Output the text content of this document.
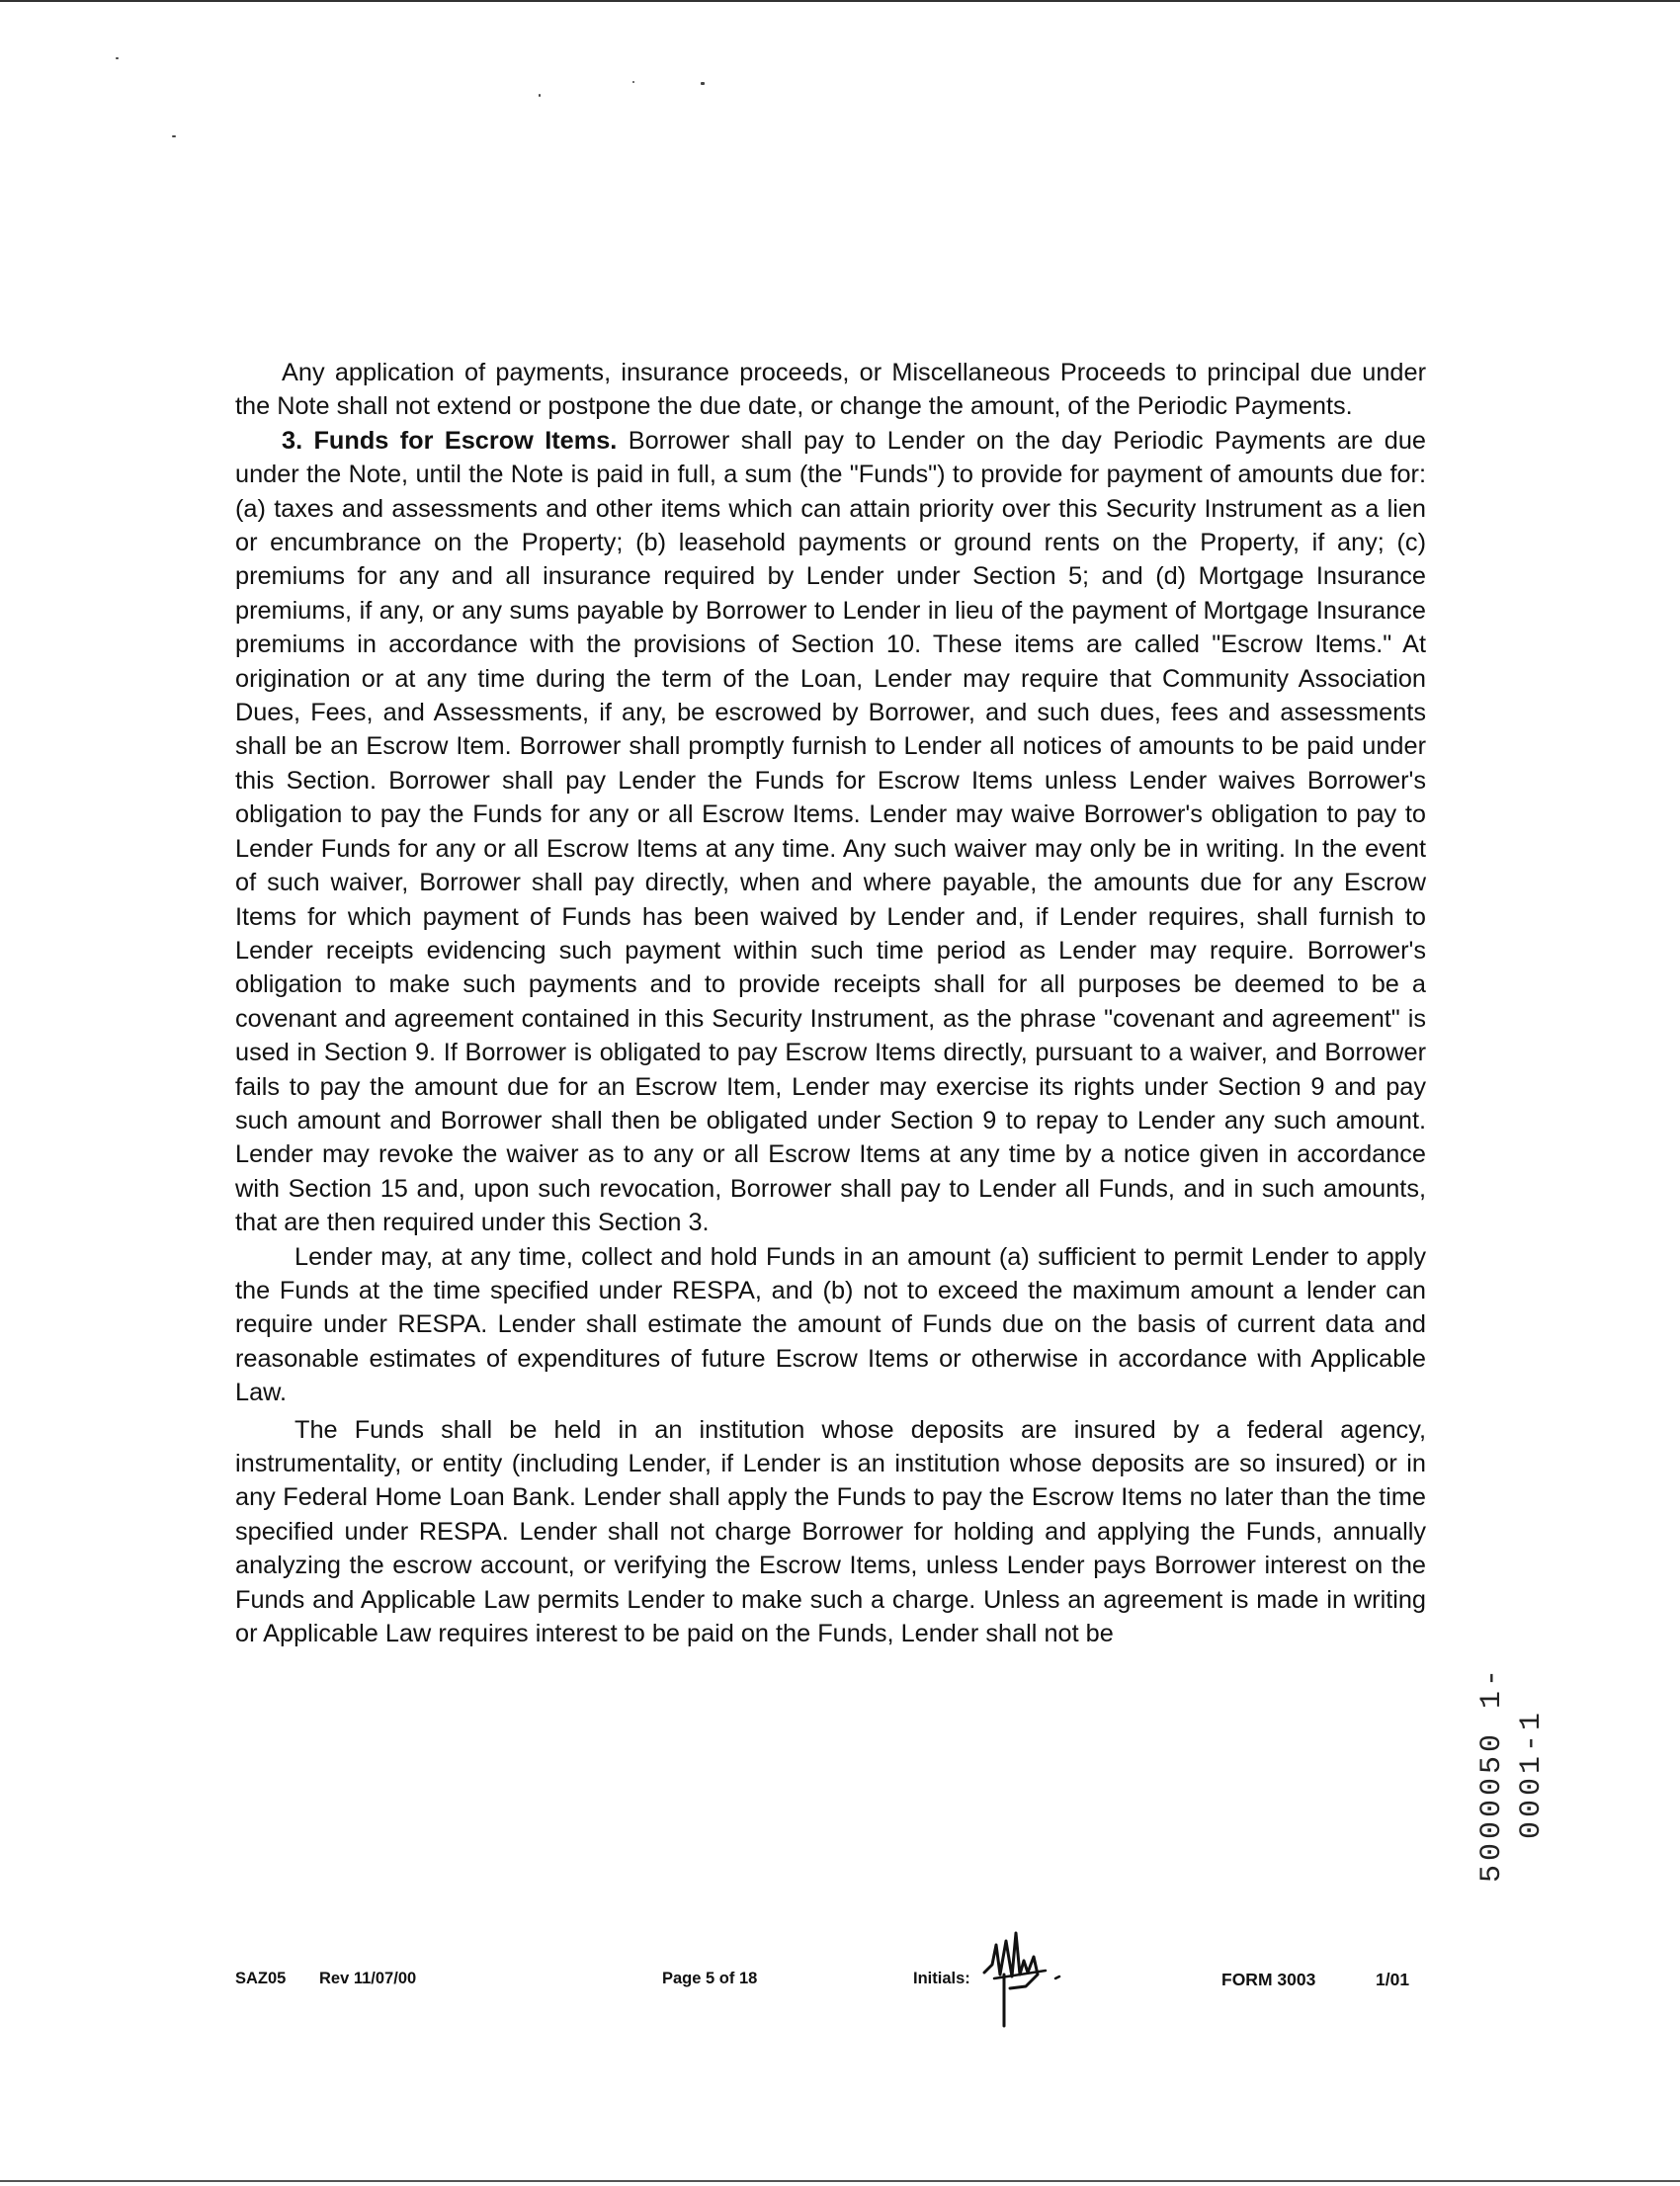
Any application of payments, insurance proceeds, or Miscellaneous Proceeds to principal due under the Note shall not extend or postpone the due date, or change the amount, of the Periodic Payments.

3. Funds for Escrow Items. Borrower shall pay to Lender on the day Periodic Payments are due under the Note, until the Note is paid in full, a sum (the "Funds") to provide for payment of amounts due for: (a) taxes and assessments and other items which can attain priority over this Security Instrument as a lien or encumbrance on the Property; (b) leasehold payments or ground rents on the Property, if any; (c) premiums for any and all insurance required by Lender under Section 5; and (d) Mortgage Insurance premiums, if any, or any sums payable by Borrower to Lender in lieu of the payment of Mortgage Insurance premiums in accordance with the provisions of Section 10. These items are called "Escrow Items." At origination or at any time during the term of the Loan, Lender may require that Community Association Dues, Fees, and Assessments, if any, be escrowed by Borrower, and such dues, fees and assessments shall be an Escrow Item. Borrower shall promptly furnish to Lender all notices of amounts to be paid under this Section. Borrower shall pay Lender the Funds for Escrow Items unless Lender waives Borrower's obligation to pay the Funds for any or all Escrow Items. Lender may waive Borrower's obligation to pay to Lender Funds for any or all Escrow Items at any time. Any such waiver may only be in writing. In the event of such waiver, Borrower shall pay directly, when and where payable, the amounts due for any Escrow Items for which payment of Funds has been waived by Lender and, if Lender requires, shall furnish to Lender receipts evidencing such payment within such time period as Lender may require. Borrower's obligation to make such payments and to provide receipts shall for all purposes be deemed to be a covenant and agreement contained in this Security Instrument, as the phrase "covenant and agreement" is used in Section 9. If Borrower is obligated to pay Escrow Items directly, pursuant to a waiver, and Borrower fails to pay the amount due for an Escrow Item, Lender may exercise its rights under Section 9 and pay such amount and Borrower shall then be obligated under Section 9 to repay to Lender any such amount. Lender may revoke the waiver as to any or all Escrow Items at any time by a notice given in accordance with Section 15 and, upon such revocation, Borrower shall pay to Lender all Funds, and in such amounts, that are then required under this Section 3.

Lender may, at any time, collect and hold Funds in an amount (a) sufficient to permit Lender to apply the Funds at the time specified under RESPA, and (b) not to exceed the maximum amount a lender can require under RESPA. Lender shall estimate the amount of Funds due on the basis of current data and reasonable estimates of expenditures of future Escrow Items or otherwise in accordance with Applicable Law.

The Funds shall be held in an institution whose deposits are insured by a federal agency, instrumentality, or entity (including Lender, if Lender is an institution whose deposits are so insured) or in any Federal Home Loan Bank. Lender shall apply the Funds to pay the Escrow Items no later than the time specified under RESPA. Lender shall not charge Borrower for holding and applying the Funds, annually analyzing the escrow account, or verifying the Escrow Items, unless Lender pays Borrower interest on the Funds and Applicable Law permits Lender to make such a charge. Unless an agreement is made in writing or Applicable Law requires interest to be paid on the Funds, Lender shall not be

5000050 1-0001-1
SAZ05 Rev 11/07/00	Page 5 of 18	Initials:	FORM 3003	1/01
